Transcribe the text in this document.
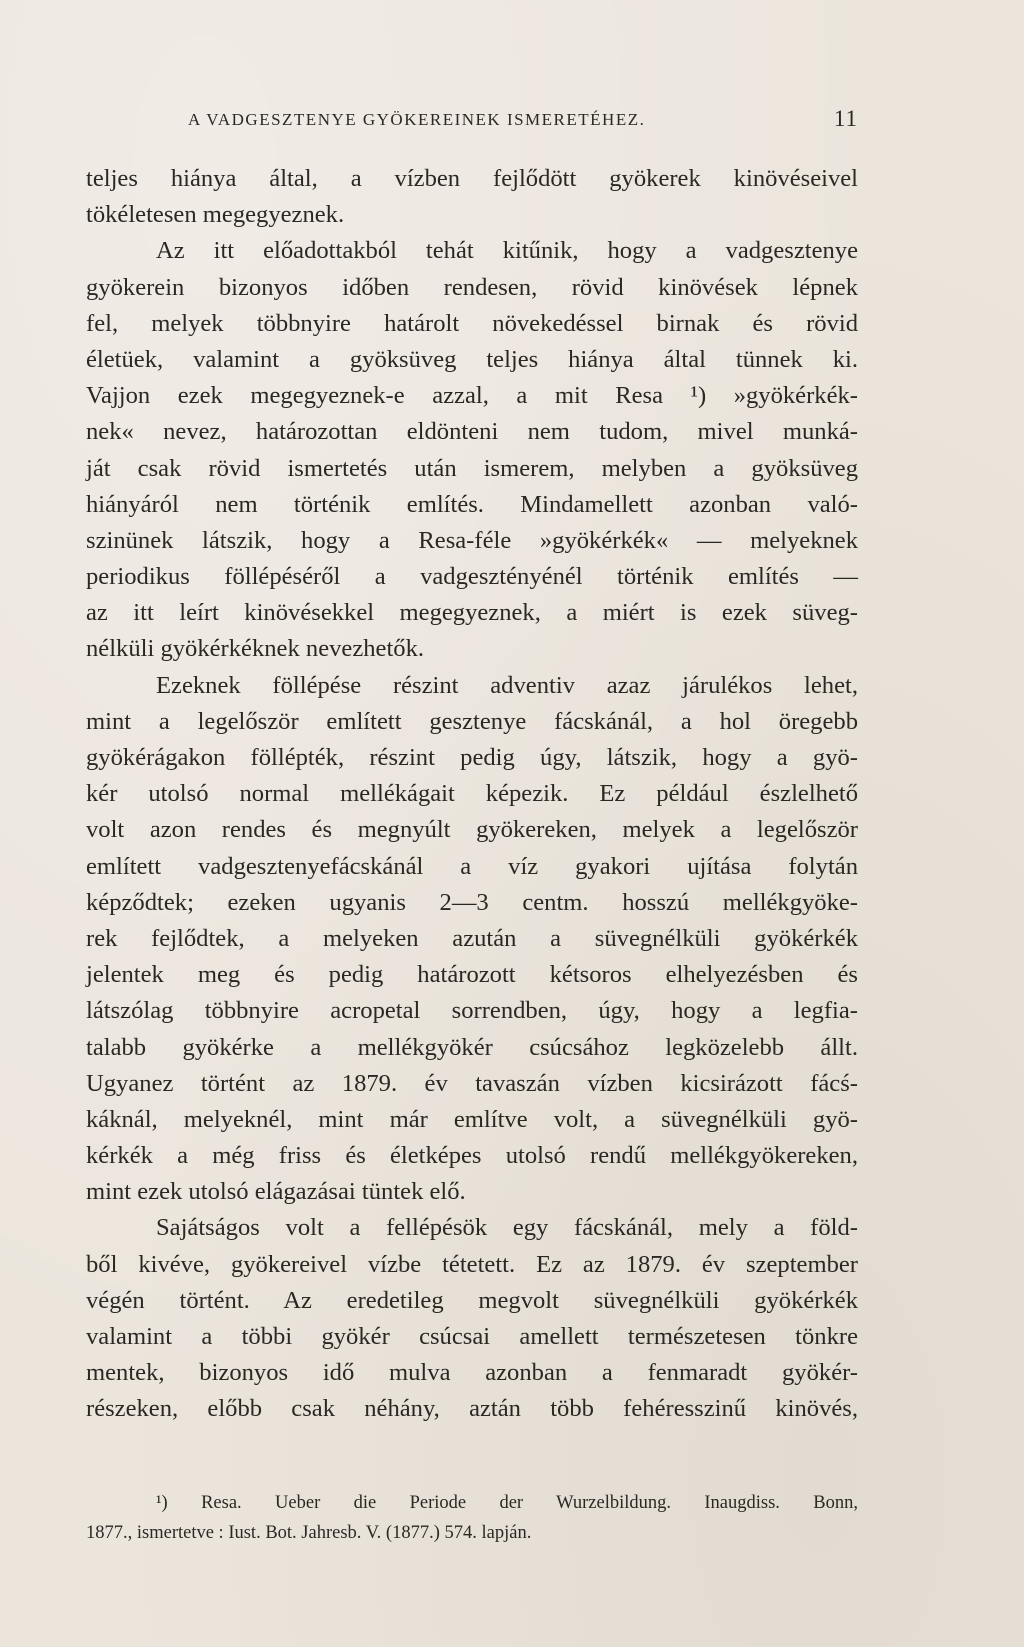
A VADGESZTENYE GYÖKEREINEK ISMERETÉHEZ.	11
teljes hiánya által, a vízben fejlődött gyökerek kinövéseivel
tökéletesen megegyeznek.
Az itt előadottakból tehát kitűnik, hogy a vadgesztenye
gyökerein bizonyos időben rendesen, rövid kinövések lépnek
fel, melyek többnyire határolt növekedéssel birnak és rövid
életüek, valamint a gyöksüveg teljes hiánya által tünnek ki.
Vajjon ezek megegyeznek-e azzal, a mit Resa ¹) »gyökérkék-
nek« nevez, határozottan eldönteni nem tudom, mivel munká-
ját csak rövid ismertetés után ismerem, melyben a gyöksüveg
hiányáról nem történik említés. Mindamellett azonban való-
szinünek látszik, hogy a Resa-féle »gyökérkék« — melyeknek
periodikus föllépéséről a vadgesztényénél történik említés —
az itt leírt kinövésekkel megegyeznek, a miért is ezek süveg-
nélküli gyökérkéknek nevezhetők.
Ezeknek föllépése részint adventiv azaz járulékos lehet,
mint a legelőször említett gesztenye fácskánál, a hol öregebb
gyökérágakon föllépték, részint pedig úgy, látszik, hogy a gyö-
kér utolsó normal mellékágait képezik. Ez például észlelhető
volt azon rendes és megnyúlt gyökereken, melyek a legelőször
említett vadgesztenyefácskánál a víz gyakori ujítása folytán
képződtek; ezeken ugyanis 2—3 centm. hosszú mellékgyöke-
rek fejlődtek, a melyeken azután a süvegnélküli gyökérkék
jelentek meg és pedig határozott kétsoros elhelyezésben és
látszólag többnyire acropetal sorrendben, úgy, hogy a legfia-
talabb gyökérke a mellékgyökér csúcsához legközelebb állt.
Ugyanez történt az 1879. év tavaszán vízben kicsirázott fácś-
káknál, melyeknél, mint már említve volt, a süvegnélküli gyö-
kérkék a még friss és életképes utolsó rendű mellékgyökereken,
mint ezek utolsó elágazásai tüntek elő.
Sajátságos volt a fellépésök egy fácskánál, mely a föld-
ből kivéve, gyökereivel vízbe tétetett. Ez az 1879. év szeptember
végén történt. Az eredetileg megvolt süvegnélküli gyökérkék
valamint a többi gyökér csúcsai amellett természetesen tönkre
mentek, bizonyos idő mulva azonban a fenmaradt gyökér-
részeken, előbb csak néhány, aztán több fehéresszinű kinövés,
¹) Resa. Ueber die Periode der Wurzelbildung. Inaugdiss. Bonn,
1877., ismertetve : Iust. Bot. Jahresb. V. (1877.) 574. lapján.
